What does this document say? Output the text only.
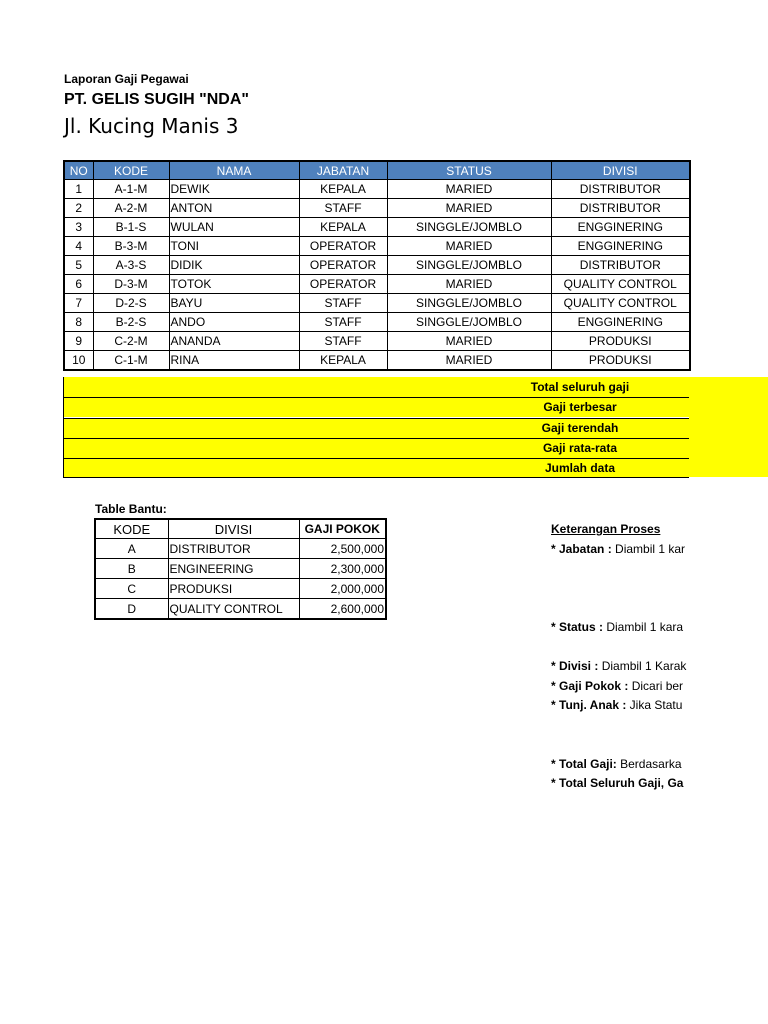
Laporan Gaji Pegawai
PT. GELIS SUGIH "NDA"
Jl. Kucing Manis 3
NO	KODE	NAMA	JABATAN	STATUS	DIVISI
1	A-1-M	DEWIK	KEPALA	MARIED	DISTRIBUTOR
2	A-2-M	ANTON	STAFF	MARIED	DISTRIBUTOR
3	B-1-S	WULAN	KEPALA	SINGGLE/JOMBLO	ENGGINERING
4	B-3-M	TONI	OPERATOR	MARIED	ENGGINERING
5	A-3-S	DIDIK	OPERATOR	SINGGLE/JOMBLO	DISTRIBUTOR
6	D-3-M	TOTOK	OPERATOR	MARIED	QUALITY CONTROL
7	D-2-S	BAYU	STAFF	SINGGLE/JOMBLO	QUALITY CONTROL
8	B-2-S	ANDO	STAFF	SINGGLE/JOMBLO	ENGGINERING
9	C-2-M	ANANDA	STAFF	MARIED	PRODUKSI
10	C-1-M	RINA	KEPALA	MARIED	PRODUKSI
Total seluruh gaji
Gaji terbesar
Gaji terendah
Gaji rata-rata
Jumlah data
Table Bantu:
KODE	DIVISI	GAJI POKOK
A	DISTRIBUTOR	2,500,000
B	ENGINEERING	2,300,000
C	PRODUKSI	2,000,000
D	QUALITY CONTROL	2,600,000
Keterangan Proses
* Jabatan : Diambil 1 kar
* Status : Diambil 1 kara
* Divisi : Diambil 1 Karak
* Gaji Pokok : Dicari ber
* Tunj. Anak : Jika Statu
* Total Gaji: Berdasarka
* Total Seluruh Gaji, Ga
